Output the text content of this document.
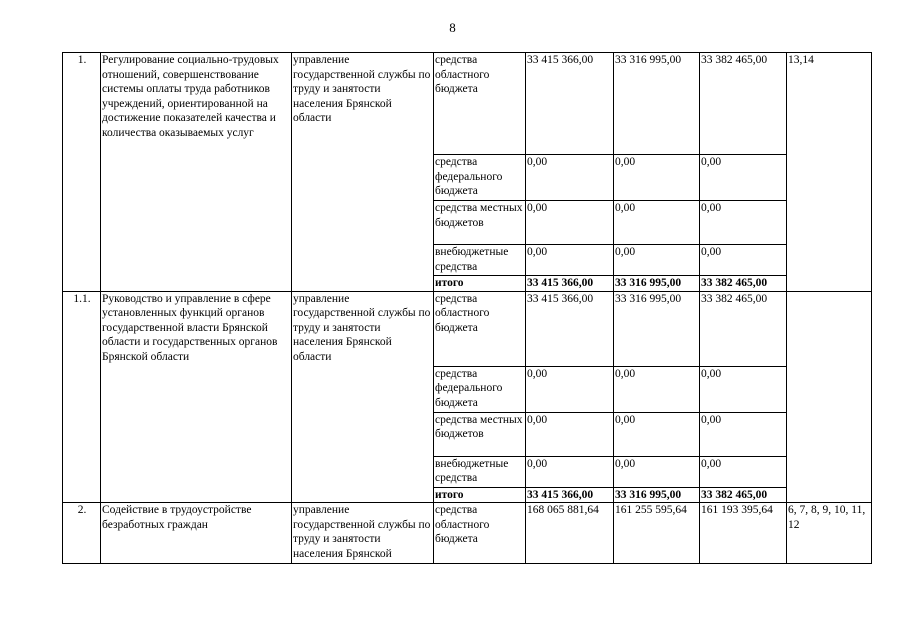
8
1.	Регулирование социально-трудовых отношений, совершенствование системы оплаты труда работников учреждений, ориентированной на достижение показателей качества и количества оказываемых услуг	управление государственной службы по труду и занятости населения Брянской области	средства областного бюджета	33 415 366,00	33 316 995,00	33 382 465,00	13,14
			средства федерального бюджета	0,00	0,00	0,00	
			средства местных бюджетов	0,00	0,00	0,00	
			внебюджетные средства	0,00	0,00	0,00	
			итого	33 415 366,00	33 316 995,00	33 382 465,00	

1.1.	Руководство и управление в сфере установленных функций органов государственной власти Брянской области и государственных органов Брянской области	управление государственной службы по труду и занятости населения Брянской области	средства областного бюджета	33 415 366,00	33 316 995,00	33 382 465,00	
			средства федерального бюджета	0,00	0,00	0,00	
			средства местных бюджетов	0,00	0,00	0,00	
			внебюджетные средства	0,00	0,00	0,00	
			итого	33 415 366,00	33 316 995,00	33 382 465,00	

2.	Содействие в трудоустройстве безработных граждан	управление государственной службы по труду и занятости населения Брянской	средства областного бюджета	168 065 881,64	161 255 595,64	161 193 395,64	6, 7, 8, 9, 10, 11, 12
